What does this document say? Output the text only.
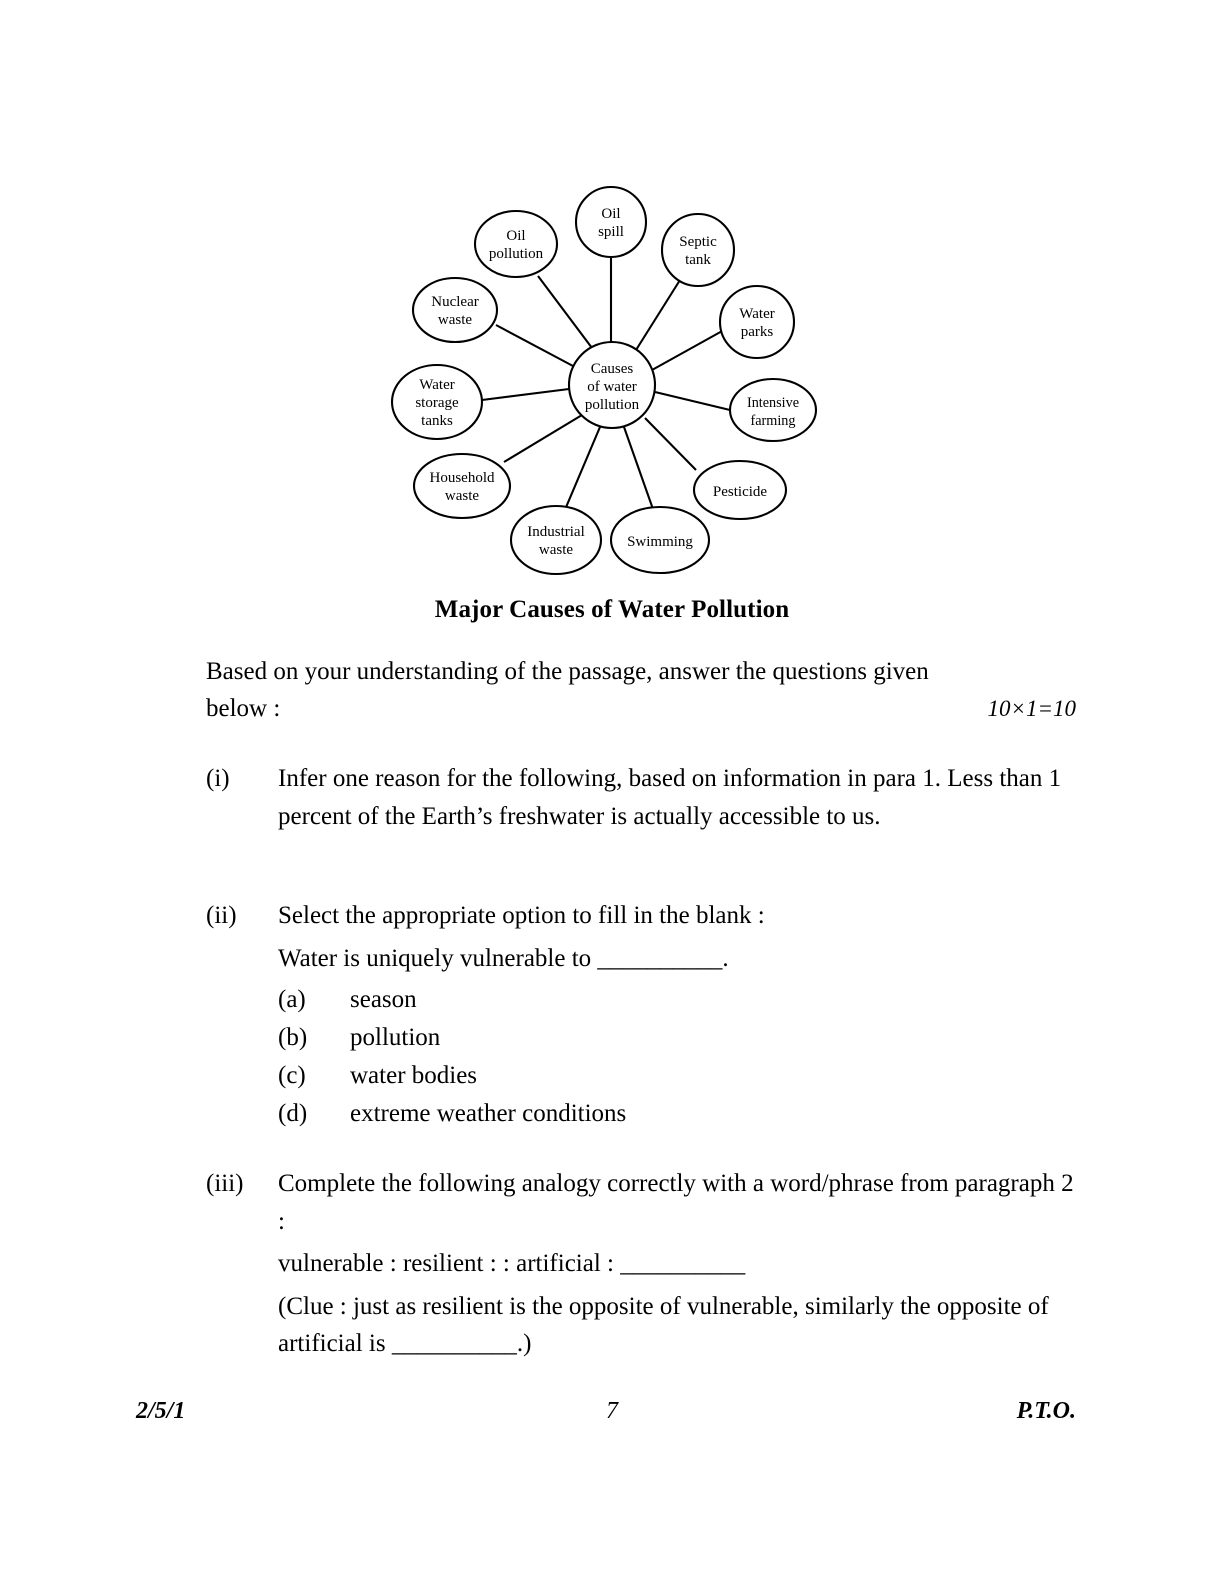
Oil
pollution
Oil
spill
Septic
tank
Water
parks
Intensive
farming
Pesticide
Swimming
Industrial
waste
Household
waste
Water
storage
tanks
Nuclear
waste
Causes
of water
pollution
Major Causes of Water Pollution
Based on your understanding of the passage, answer the questions given
below :	10×1=10
(i)	Infer one reason for the following, based on information in para 1. Less than 1 percent of the Earth’s freshwater is actually accessible to us.
(ii)	Select the appropriate option to fill in the blank :
Water is uniquely vulnerable to __________.
(a)	season
(b)	pollution
(c)	water bodies
(d)	extreme weather conditions
(iii)	Complete the following analogy correctly with a word/phrase from paragraph 2 :
vulnerable : resilient : : artificial : __________
(Clue : just as resilient is the opposite of vulnerable, similarly the opposite of artificial is __________.)
2/5/1	7	P.T.O.
